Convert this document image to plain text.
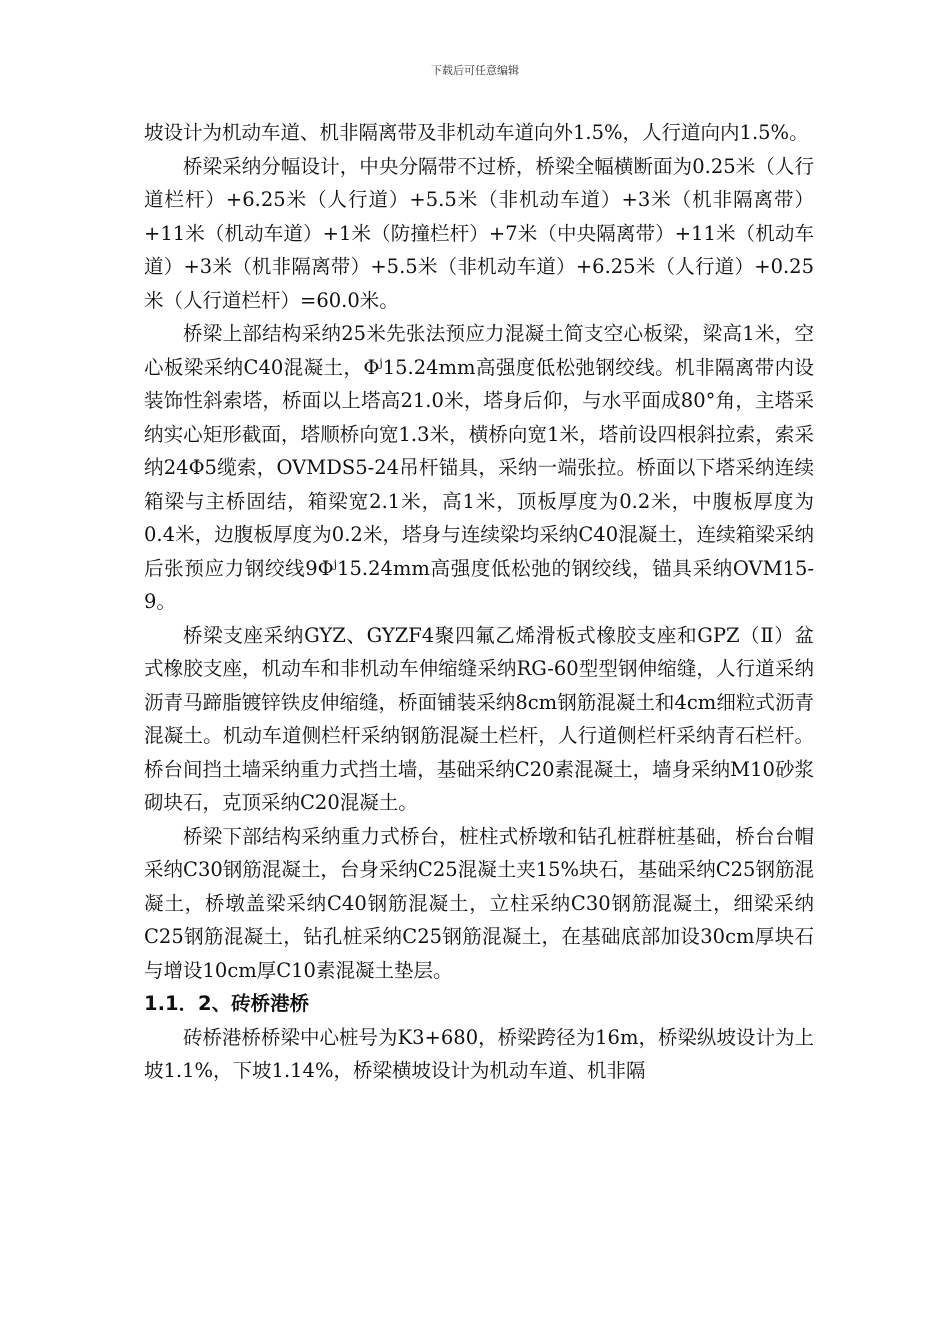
下载后可任意编辑

坡设计为机动车道、机非隔离带及非机动车道向外1.5%，人行道向内1.5%。

桥梁采纳分幅设计，中央分隔带不过桥，桥梁全幅横断面为0.25米（人行道栏杆）+6.25米（人行道）+5.5米（非机动车道）+3米（机非隔离带）+11米（机动车道）+1米（防撞栏杆）+7米（中央隔离带）+11米（机动车道）+3米（机非隔离带）+5.5米（非机动车道）+6.25米（人行道）+0.25米（人行道栏杆）=60.0米。

桥梁上部结构采纳25米先张法预应力混凝土简支空心板梁，梁高1米，空心板梁采纳C40混凝土，$\Phi^j15.24mm$高强度低松弛钢绞线。机非隔离带内设装饰性斜索塔，桥面以上塔高21.0米，塔身后仰，与水平面成80°角，主塔采纳实心矩形截面，塔顺桥向宽1.3米，横桥向宽1米，塔前设四根斜拉索，索采纳24Φ5缆索，OVMDS5-24吊杆锚具，采纳一端张拉。桥面以下塔采纳连续箱梁与主桥固结，箱梁宽2.1米，高1米，顶板厚度为0.2米，中腹板厚度为0.4米，边腹板厚度为0.2米，塔身与连续梁均采纳C40混凝土，连续箱梁采纳后张预应力钢绞线$9\Phi^j15.24mm$高强度低松弛的钢绞线，锚具采纳OVM15-9。

桥梁支座采纳GYZ、GYZF4聚四氟乙烯滑板式橡胶支座和GPZ（Ⅱ）盆式橡胶支座，机动车和非机动车伸缩缝采纳RG-60型型钢伸缩缝，人行道采纳沥青马蹄脂镀锌铁皮伸缩缝，桥面铺装采纳8cm钢筋混凝土和4cm细粒式沥青混凝土。机动车道侧栏杆采纳钢筋混凝土栏杆，人行道侧栏杆采纳青石栏杆。桥台间挡土墙采纳重力式挡土墙，基础采纳C20素混凝土，墙身采纳M10砂浆砌块石，克顶采纳C20混凝土。

桥梁下部结构采纳重力式桥台，桩柱式桥墩和钻孔桩群桩基础，桥台台帽采纳C30钢筋混凝土，台身采纳C25混凝土夹15%块石，基础采纳C25钢筋混凝土，桥墩盖梁采纳C40钢筋混凝土，立柱采纳C30钢筋混凝土，细梁采纳C25钢筋混凝土，钻孔桩采纳C25钢筋混凝土，在基础底部加设30cm厚块石与增设10cm厚C10素混凝土垫层。

1.1．2、砖桥港桥

砖桥港桥桥梁中心桩号为K3+680，桥梁跨径为16m，桥梁纵坡设计为上坡1.1%，下坡1.14%，桥梁横坡设计为机动车道、机非隔
